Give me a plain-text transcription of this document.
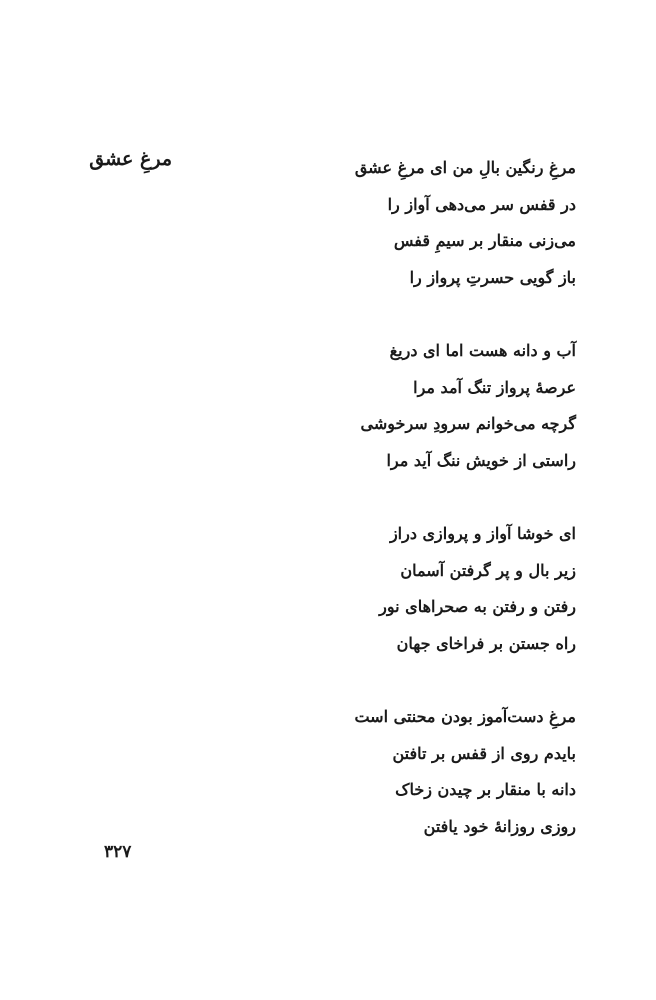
مرغِ عشق	مرغِ رنگین بالِ من ای مرغِ عشق
در قفس سر می‌دهی آواز را
می‌زنی منقار بر سیمِ قفس
باز گویی حسرتِ پرواز را
آب و دانه هست اما ای دریغ
عرصهٔ پرواز تنگ آمد مرا
گرچه می‌خوانم سرودِ سرخوشی
راستی از خویش ننگ آید مرا
ای خوشا آواز و پروازی دراز
زیر بال و پر گرفتن آسمان
رفتن و رفتن به صحراهای نور
راه جستن بر فراخای جهان
مرغِ دست‌آموز بودن محنتی است
بایدم روی از قفس بر تافتن
دانه با منقار بر چیدن زخاک
روزی روزانهٔ خود یافتن
۳۲۷
